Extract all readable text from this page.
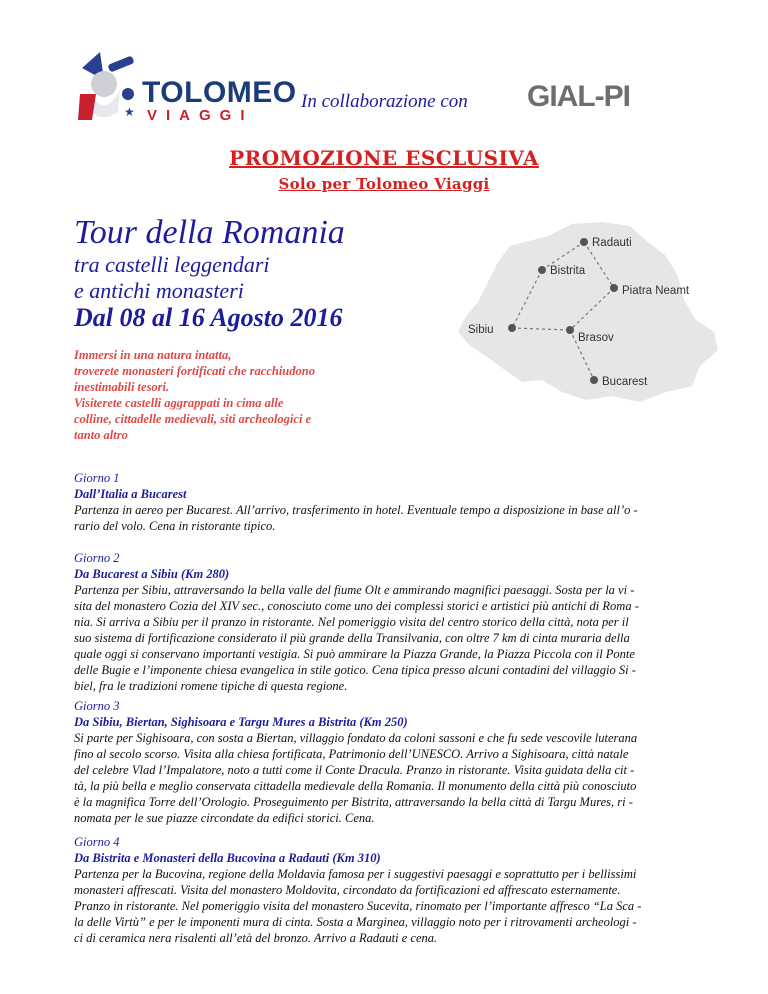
★
TOLOMEO
VIAGGI
In collaborazione con GIAL-PI
PROMOZIONE ESCLUSIVA
Solo per Tolomeo Viaggi
Tour della Romania
tra castelli leggendari
e antichi monasteri
Dal 08 al 16 Agosto 2016
Immersi in una natura intatta,
troverete monasteri fortificati che racchiudono
inestimabili tesori.
Visiterete castelli aggrappati in cima alle
colline, cittadelle medievali, siti archeologici e
tanto altro
Radauti
Bistrita
Piatra Neamt
Sibiu
Brasov
Bucarest
Giorno 1
Dall’Italia a Bucarest
Partenza in aereo per Bucarest. All’arrivo, trasferimento in hotel. Eventuale tempo a disposizione in base all’o -
rario del volo. Cena in ristorante tipico.
Giorno 2
Da Bucarest a Sibiu (Km 280)
Partenza per Sibiu, attraversando la bella valle del fiume Olt e ammirando magnifici paesaggi. Sosta per la vi -
sita del monastero Cozia del XIV sec., conosciuto come uno dei complessi storici e artistici più antichi di Roma -
nia. Si arriva a Sibiu per il pranzo in ristorante. Nel pomeriggio visita del centro storico della città, nota per il
suo sistema di fortificazione considerato il più grande della Transilvania, con oltre 7 km di cinta muraria della
quale oggi si conservano importanti vestigia. Si può ammirare la Piazza Grande, la Piazza Piccola con il Ponte
delle Bugie e l’imponente chiesa evangelica in stile gotico. Cena tipica presso alcuni contadini del villaggio Si -
biel, fra le tradizioni romene tipiche di questa regione.
Giorno 3
Da Sibiu, Biertan, Sighisoara e Targu Mures a Bistrita (Km 250)
Si parte per Sighisoara, con sosta a Biertan, villaggio fondato da coloni sassoni e che fu sede vescovile luterana
fino al secolo scorso. Visita alla chiesa fortificata, Patrimonio dell’UNESCO. Arrivo a Sighisoara, città natale
del celebre Vlad l’Impalatore, noto a tutti come il Conte Dracula. Pranzo in ristorante. Visita guidata della cit -
tà, la più bella e meglio conservata cittadella medievale della Romania. Il monumento della città più conosciuto
è la magnifica Torre dell’Orologio. Proseguimento per Bistrita, attraversando la bella città di Targu Mures, ri -
nomata per le sue piazze circondate da edifici storici. Cena.
Giorno 4
Da Bistrita e Monasteri della Bucovina a Radauti (Km 310)
Partenza per la Bucovina, regione della Moldavia famosa per i suggestivi paesaggi e soprattutto per i bellissimi
monasteri affrescati. Visita del monastero Moldovita, circondato da fortificazioni ed affrescato esternamente.
Pranzo in ristorante. Nel pomeriggio visita del monastero Sucevita, rinomato per l’importante affresco “La Sca -
la delle Virtù” e per le imponenti mura di cinta. Sosta a Marginea, villaggio noto per i ritrovamenti archeologi -
ci di ceramica nera risalenti all’età del bronzo. Arrivo a Radauti e cena.
